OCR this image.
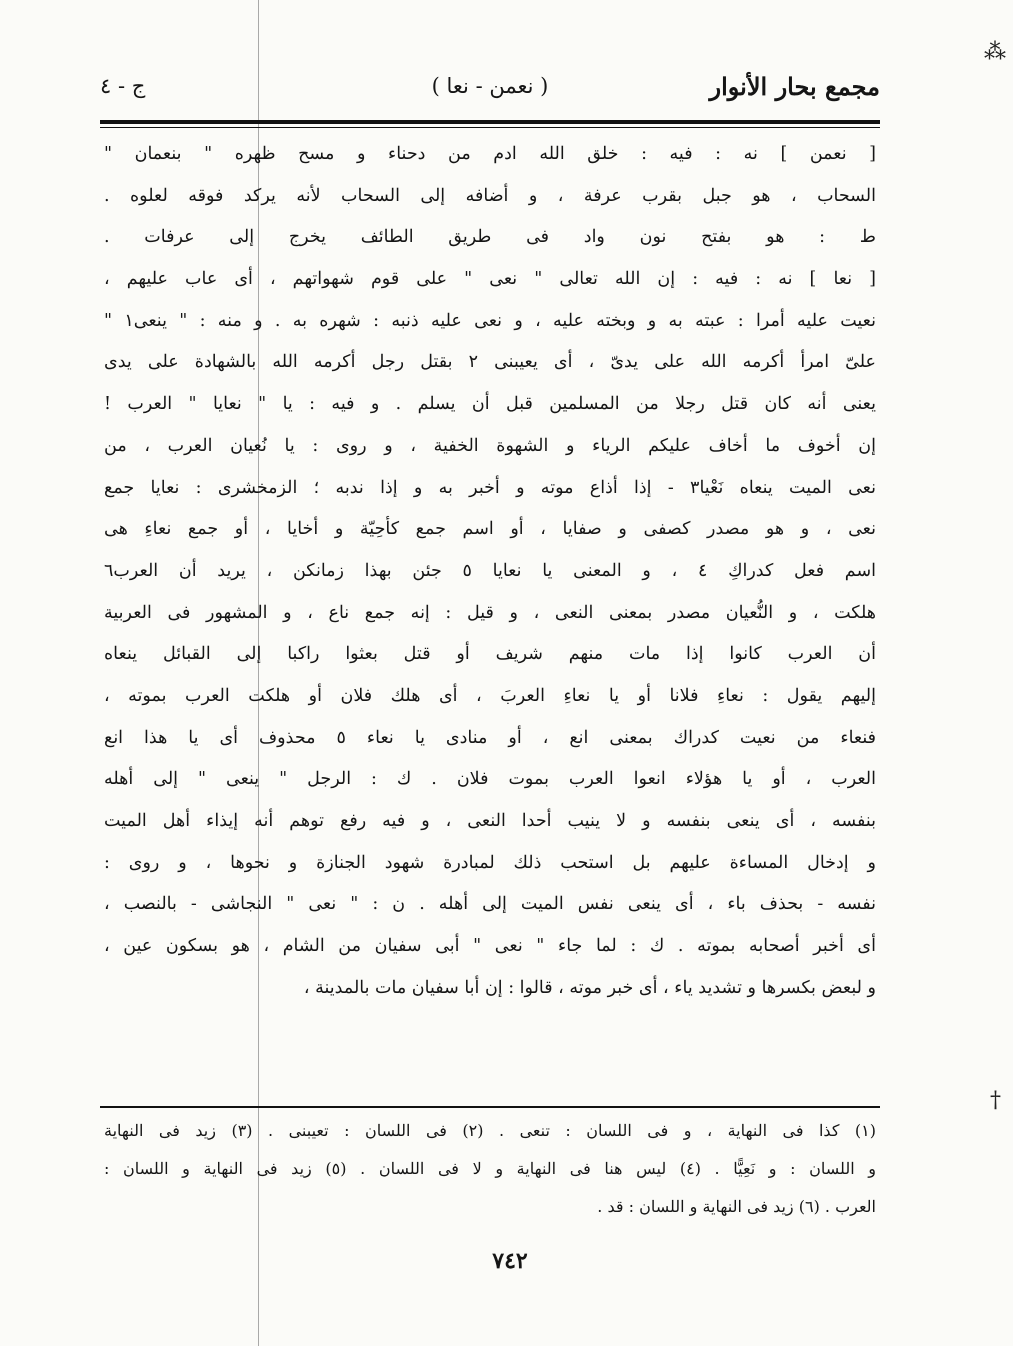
مجمع بحار الأنوار
( نعمن - نعا )
ج - ٤
[ نعمن ] نه : فيه : خلق الله ادم من دحناء و مسح ظهره " بنعمان "
السحاب ، هو جبل بقرب عرفة ، و أضافه إلى السحاب لأنه يركد فوقه لعلوه .
ط : هو بفتح نون واد فى طريق الطائف يخرج إلى عرفات .
[ نعا ] نه : فيه : إن الله تعالى " نعى " على قوم شهواتهم ، أى عاب عليهم ،
نعيت عليه أمرا : عبته به و وبخته عليه ، و نعى عليه ذنبه : شهره به . و منه : " ينعى١ "
علىّ امرأ أكرمه الله على يدىّ ، أى يعيبنى ٢ بقتل رجل أكرمه الله بالشهادة على يدى
يعنى أنه كان قتل رجلا من المسلمين قبل أن يسلم . و فيه : يا " نعايا " العرب !
إن أخوف ما أخاف عليكم الرياء و الشهوة الخفية ، و روى : يا نُعيان العرب ، من
نعى الميت ينعاه نَعْيا٣ - إذا أذاع موته و أخبر به و إذا ندبه ؛ الزمخشرى : نعايا جمع
نعى ، و هو مصدر كصفى و صفايا ، أو اسم جمع كأحِيّة و أخايا ، أو جمع نعاءِ هى
اسم فعل كدراكِ ٤ ، و المعنى يا نعايا ٥ جئن بهذا زمانكن ، يريد أن العرب٦
هلكت ، و النُّعيان مصدر بمعنى النعى ، و قيل : إنه جمع ناع ، و المشهور فى العربية
أن العرب كانوا إذا مات منهم شريف أو قتل بعثوا راكبا إلى القبائل ينعاه
إليهم يقول : نعاءِ فلانا أو يا نعاءِ العربَ ، أى هلك فلان أو هلكت العرب بموته ،
فنعاء من نعيت كدراك بمعنى انع ، أو منادى يا نعاء ٥ محذوف أى يا هذا انع
العرب ، أو يا هؤلاء انعوا العرب بموت فلان . ك : الرجل " ينعى " إلى أهله
بنفسه ، أى ينعى بنفسه و لا ينيب أحدا النعى ، و فيه رفع توهم أنه إيذاء أهل الميت
و إدخال المساءة عليهم بل استحب ذلك لمبادرة شهود الجنازة و نحوها ، و روى :
نفسه - بحذف باء ، أى ينعى نفس الميت إلى أهله . ن : " نعى " النجاشى - بالنصب ،
أى أخبر أصحابه بموته . ك : لما جاء " نعى " أبى سفيان من الشام ، هو بسكون عين ،
و لبعض بكسرها و تشديد ياء ، أى خبر موته ، قالوا : إن أبا سفيان مات بالمدينة ،
(١) كذا فى النهاية ، و فى اللسان : تنعى . (٢) فى اللسان : تعيبنى . (٣) زيد فى النهاية
و اللسان : و نَعِيًّا . (٤) ليس هنا فى النهاية و لا فى اللسان . (٥) زيد فى النهاية و اللسان :
العرب . (٦) زيد فى النهاية و اللسان : قد .
٧٤٢
⁂
†
